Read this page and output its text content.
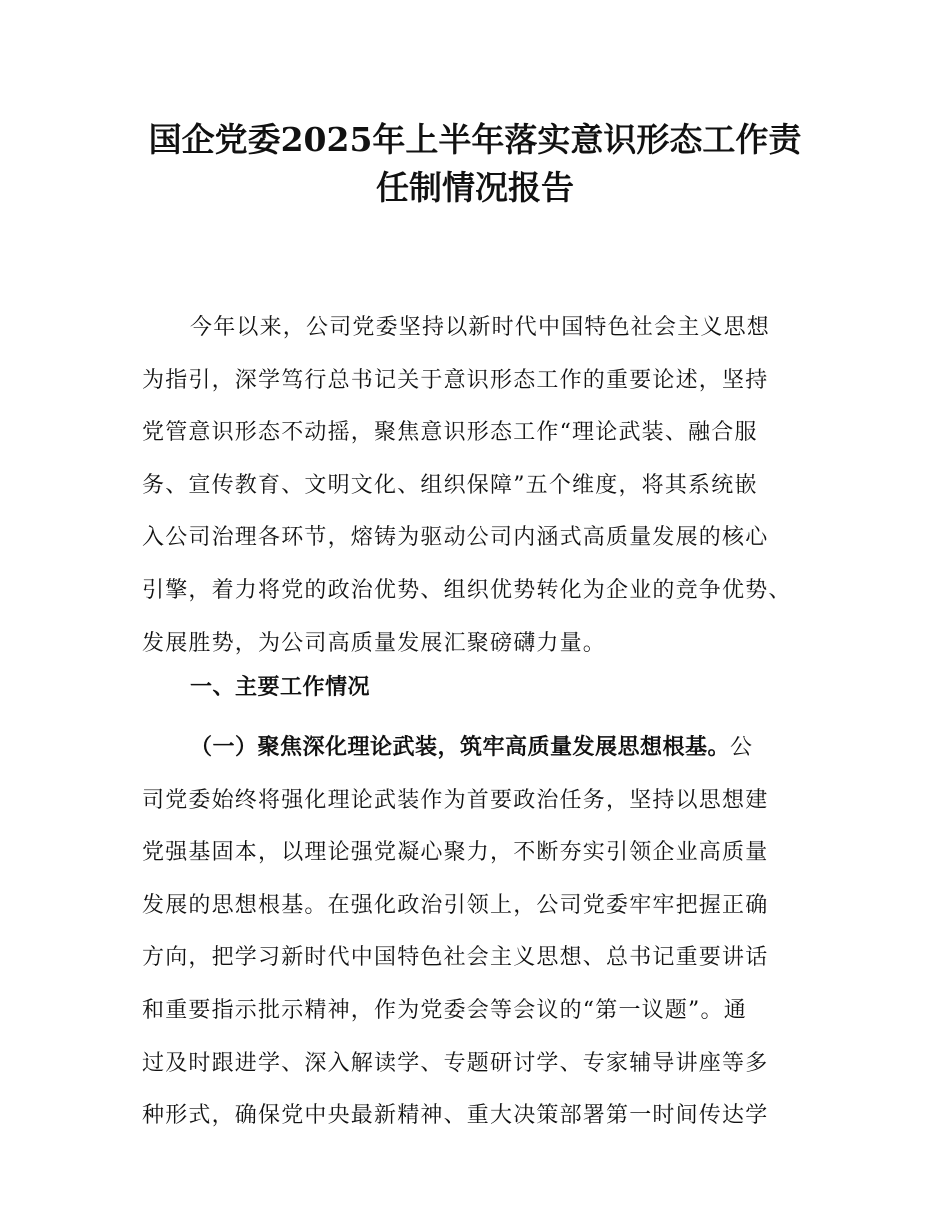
国企党委2025年上半年落实意识形态工作责
任制情况报告
今年以来，公司党委坚持以新时代中国特色社会主义思想
为指引，深学笃行总书记关于意识形态工作的重要论述，坚持
党管意识形态不动摇，聚焦意识形态工作“理论武装、融合服
务、宣传教育、文明文化、组织保障”五个维度，将其系统嵌
入公司治理各环节，熔铸为驱动公司内涵式高质量发展的核心
引擎，着力将党的政治优势、组织优势转化为企业的竞争优势、
发展胜势，为公司高质量发展汇聚磅礴力量。
一、主要工作情况
（一）聚焦深化理论武装，筑牢高质量发展思想根基。公
司党委始终将强化理论武装作为首要政治任务，坚持以思想建
党强基固本，以理论强党凝心聚力，不断夯实引领企业高质量
发展的思想根基。在强化政治引领上，公司党委牢牢把握正确
方向，把学习新时代中国特色社会主义思想、总书记重要讲话
和重要指示批示精神，作为党委会等会议的“第一议题”。通
过及时跟进学、深入解读学、专题研讨学、专家辅导讲座等多
种形式，确保党中央最新精神、重大决策部署第一时间传达学
